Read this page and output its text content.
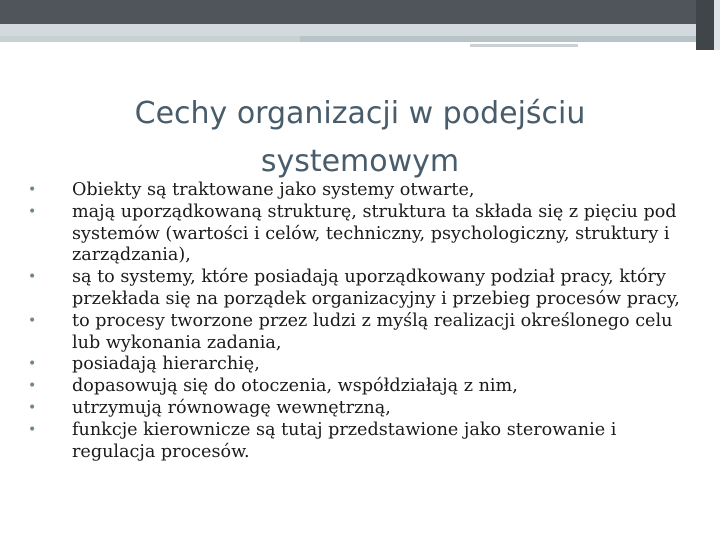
Cechy organizacji w podejściu systemowym
•	Obiekty są traktowane jako systemy otwarte,
•	mają uporządkowaną strukturę, struktura ta składa się z pięciu pod systemów (wartości i celów, techniczny, psychologiczny, struktury i zarządzania),
•	są to systemy, które posiadają uporządkowany podział pracy, który przekłada się na porządek organizacyjny i przebieg procesów pracy,
•	to procesy tworzone przez ludzi z myślą realizacji określonego celu lub wykonania zadania,
•	posiadają hierarchię,
•	dopasowują się do otoczenia, współdziałają z nim,
•	utrzymują równowagę wewnętrzną,
•	funkcje kierownicze są tutaj przedstawione jako sterowanie i regulacja procesów.
